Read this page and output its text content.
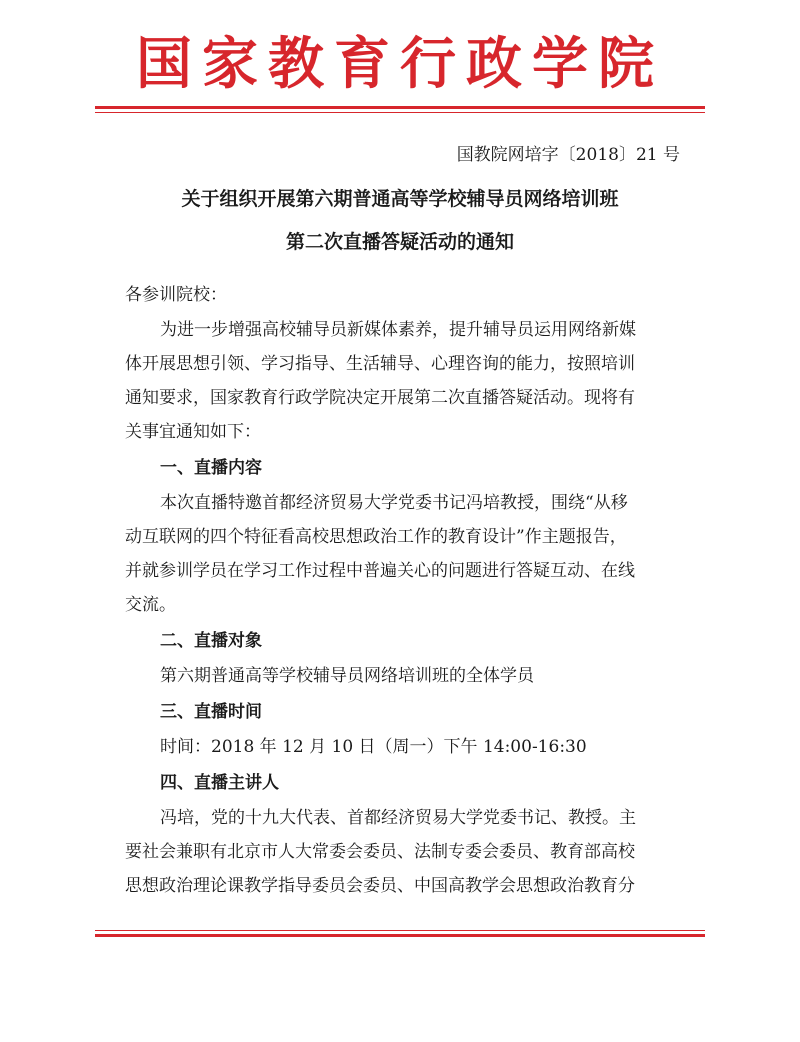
国家教育行政学院
国教院网培字〔2018〕21 号
关于组织开展第六期普通高等学校辅导员网络培训班
第二次直播答疑活动的通知
各参训院校：
为进一步增强高校辅导员新媒体素养，提升辅导员运用网络新媒
体开展思想引领、学习指导、生活辅导、心理咨询的能力，按照培训
通知要求，国家教育行政学院决定开展第二次直播答疑活动。现将有
关事宜通知如下：
一、直播内容
本次直播特邀首都经济贸易大学党委书记冯培教授，围绕“从移
动互联网的四个特征看高校思想政治工作的教育设计”作主题报告，
并就参训学员在学习工作过程中普遍关心的问题进行答疑互动、在线
交流。
二、直播对象
第六期普通高等学校辅导员网络培训班的全体学员
三、直播时间
时间：2018 年 12 月 10 日（周一）下午 14:00-16:30
四、直播主讲人
冯培，党的十九大代表、首都经济贸易大学党委书记、教授。主
要社会兼职有北京市人大常委会委员、法制专委会委员、教育部高校
思想政治理论课教学指导委员会委员、中国高教学会思想政治教育分
